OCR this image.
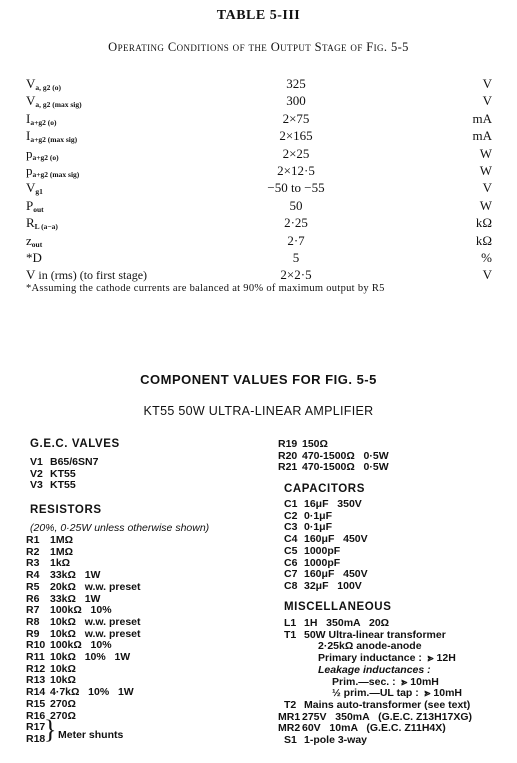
TABLE 5-III
Operating Conditions of the Output Stage of Fig. 5-5
$V_{a, g2 (o)}$	325	V
$V_{a, g2 (max sig)}$	300	V
$I_{a+g2 (o)}$	2×75	mA
$I_{a+g2 (max sig)}$	2×165	mA
$p_{a+g2 (o)}$	2×25	W
$p_{a+g2 (max sig)}$	2×12·5	W
$V_{g1}$	−50 to −55	V
$P_{out}$	50	W
$R_{L (a-a)}$	2·25	kΩ
$z_{out}$	2·7	kΩ
*D	5	%
V in (rms) (to first stage)	2×2·5	V
*Assuming the cathode currents are balanced at 90% of maximum output by R5
COMPONENT VALUES FOR FIG. 5-5
KT55 50W ULTRA-LINEAR AMPLIFIER
G.E.C. VALVES
V1 B65/6SN7
V2 KT55
V3 KT55
RESISTORS
(20%, 0·25W unless otherwise shown)
R1 1MΩ
R2 1MΩ
R3 1kΩ
R4 33kΩ   1W
R5 20kΩ   w.w. preset
R6 33kΩ   1W
R7 100kΩ   10%
R8 10kΩ   w.w. preset
R9 10kΩ   w.w. preset
R10 100kΩ   10%
R11 10kΩ   10%   1W
R12 10kΩ
R13 10kΩ
R14 4·7kΩ   10%   1W
R15 270Ω
R16 270Ω
R17
R18
} Meter shunts
R19 150Ω
R20 470-1500Ω   0·5W
R21 470-1500Ω   0·5W
CAPACITORS
C1 16μF   350V
C2 0·1μF
C3 0·1μF
C4 160μF   450V
C5 1000pF
C6 1000pF
C7 160μF   450V
C8 32μF   100V
MISCELLANEOUS
L1 1H   350mA   20Ω
T1 50W Ultra-linear transformer
2·25kΩ anode-anode
Primary inductance :  ⪢ 12H
Leakage inductances :
Prim.—sec. :  ⪢ 10mH
½ prim.—UL tap :  ⪢ 10mH
T2 Mains auto-transformer (see text)
MR1 275V   350mA   (G.E.C. Z13H17XG)
MR2 60V   10mA   (G.E.C. Z11H4X)
S1 1-pole 3-way
